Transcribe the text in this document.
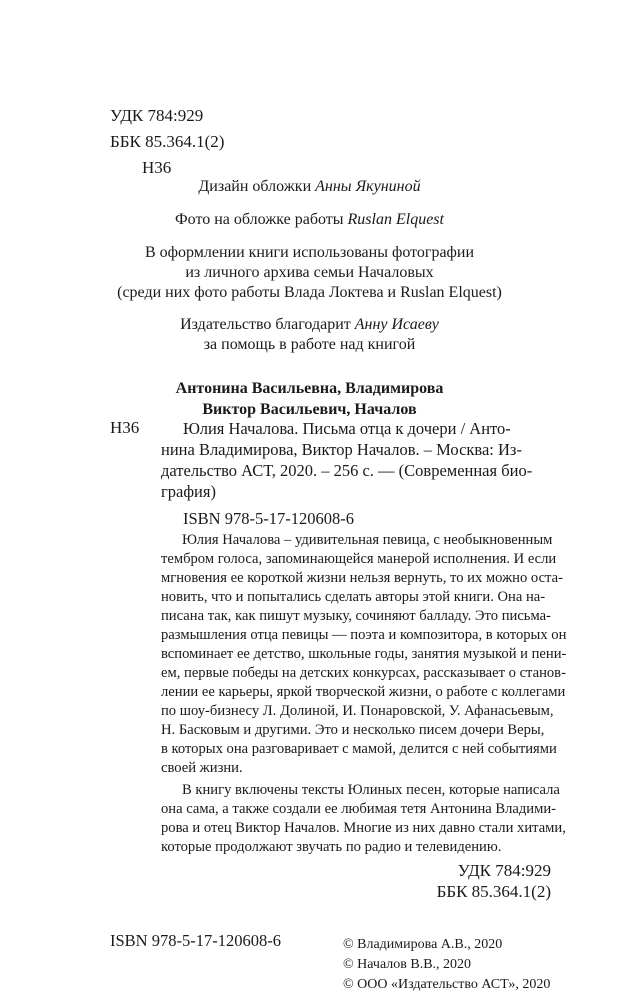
УДК 784:929
ББК 85.364.1(2)
Н36
Дизайн обложки Анны Якуниной
Фото на обложке работы Ruslan Elquest
В оформлении книги использованы фотографии
из личного архива семьи Началовых
(среди них фото работы Влада Локтева и Ruslan Elquest)
Издательство благодарит Анну Исаеву
за помощь в работе над книгой
Антонина Васильевна, Владимирова
Виктор Васильевич, Началов
Н36	Юлия Началова. Письма отца к дочери / Анто-
нина Владимирова, Виктор Началов. – Москва: Из-
дательство АСТ, 2020. – 256 с. — (Современная био-
графия)
ISBN 978-5-17-120608-6
Юлия Началова – удивительная певица, с необыкновенным
тембром голоса, запоминающейся манерой исполнения. И если
мгновения ее короткой жизни нельзя вернуть, то их можно оста-
новить, что и попытались сделать авторы этой книги. Она на-
писана так, как пишут музыку, сочиняют балладу. Это письма-
размышления отца певицы — поэта и композитора, в которых он
вспоминает ее детство, школьные годы, занятия музыкой и пени-
ем, первые победы на детских конкурсах, рассказывает о станов-
лении ее карьеры, яркой творческой жизни, о работе с коллегами
по шоу-бизнесу Л. Долиной, И. Понаровской, У. Афанасьевым,
Н. Басковым и другими. Это и несколько писем дочери Веры,
в которых она разговаривает с мамой, делится с ней событиями
своей жизни.
В книгу включены тексты Юлиных песен, которые написала
она сама, а также создали ее любимая тетя Антонина Владими-
рова и отец Виктор Началов. Многие из них давно стали хитами,
которые продолжают звучать по радио и телевидению.
УДК 784:929
ББК 85.364.1(2)
ISBN 978-5-17-120608-6	© Владимирова А.В., 2020
© Началов В.В., 2020
© ООО «Издательство АСТ», 2020
